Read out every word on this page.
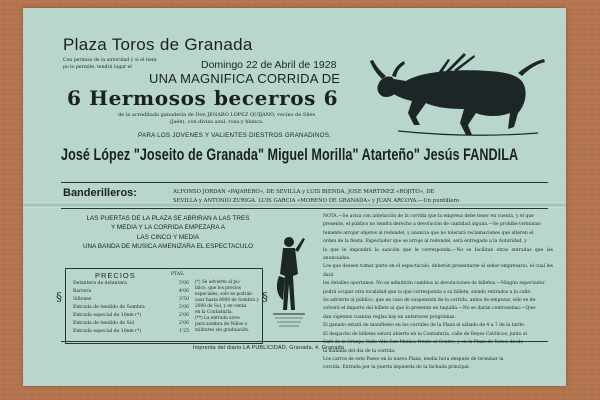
Plaza Toros de Granada
Con permiso de la autoridad y si el tiem-
po lo permite, tendrá lugar el	Domingo 22 de Abril de 1928
UNA MAGNIFICA CORRIDA DE
6 Hermosos becerros 6
de la acreditada ganadería de Don JENARO LOPEZ QUIJANO, vecino de Siles
(Jaén), con divisa azul, rosa y blanca.
PARA LOS JOVENES Y VALIENTES DIESTROS GRANADINOS,
José López "Joseito de Granada" Miguel Morilla" Atarteño" Jesús FANDILA
Banderilleros:	ALFONSO JORDAN «PAJARERO», DE SEVILLA y LUIS BIENDA, JOSE MARTINEZ «ROJITO», DE
SEVILLA y ANTONIO ZURIGA. LUIS GARCIA «MORENO DE GRANADA» y JUAN ARCOYA.—Un puntillero
LAS PUERTAS DE LA PLAZA SE ABRIRAN A LAS TRES
Y MEDIA Y LA CORRIDA EMPEZARA A
LAS CINCO Y MEDIA
UNA BANDA DE MUSICA AMENIZARA EL ESPECTACULO
§	§
PRECIOS	PTAS.
Delantera de delantera	5'00
Barrera	4'00
Sillones	3'50
Entrada de tendido de Sombra	3'00
Entrada especial de 10em (*)	2'00
Entrada de tendido de Sol	2'00
Entrada especial de 10em (*)	1'25
(*) Se advierte al pú-
blico, que los precios
especiales, solo se podrán
usar hasta 8000 de Sombra y
2000 de Sol, y en venta
en la Contaduría.
(**) La entrada sirve
para sombra de Niños o
militares sin graduación.
NOTA.—Se avisa con antelación de la corrida que la empresa debe tener en cuenta, y el que
presente, el público no tendrá derecho a devolución de cantidad alguna.—Se prohibe terminan-
temente arrojar objetos al redondel, y anuncia que no tolerará reclamaciones que alteren el
orden de la fiesta. Espectador que se arroje al redondel, será entregado a la Autoridad, y
la que le impondrá la sanción que le corresponda.—No se facilitan otras entradas que las anunciadas.
Los que deseen tomar parte en el espectáculo, deberán presentarse al señor empresario, el cual les dará
los detalles oportunos. No se admitirán cambios ni devoluciones de billetes.—Ningún espectador
podrá ocupar otra localidad que la que corresponda a su billete, siendo retirados a la calle.
Se advierte al público, que en caso de suspensión de la corrida, antes de empezar, sólo se de-
volverá el importe del billete al que lo presente en taquilla.—No se darán contraseñas.—Que-
dan vigentes cuantas reglas hay en anteriores programas.
El ganado estará de manifiesto en los corrales de la Plaza el sábado de 4 a 7 de la tarde.
El despacho de billetes estará abierto en la Contaduría, calle de Reyes Católicos, junto al
Café de la Granja, Calle Alta San Matías, frente al Centro, y en la Plaza de Toros, desde
la mañana del día de la corrida.
Los carros de este Paseo en la nueva Plaza, media hora después de terminar la
corrida. Entrada por la puerta izquierda de la fachada principal.
Imprenta del diario LA PUBLICIDAD, Granada, 4, Granada
